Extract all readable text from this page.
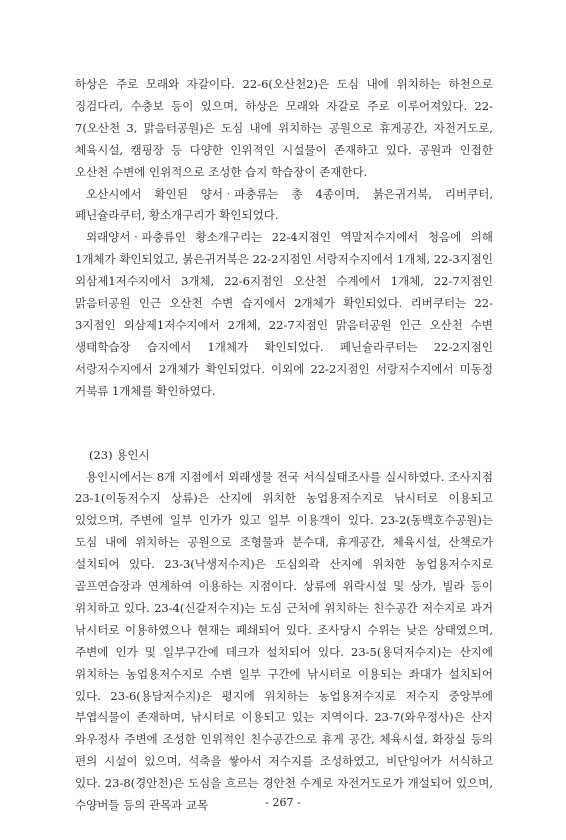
하상은 주로 모래와 자갈이다. 22-6(오산천2)은 도심 내에 위치하는 하천으로 징검다리, 수충보 등이 있으며, 하상은 모래와 자갈로 주로 이루어져있다. 22-7(오산천 3, 맑음터공원)은 도심 내에 위치하는 공원으로 휴게공간, 자전거도로, 체육시설, 캠핑장 등 다양한 인위적인 시설물이 존재하고 있다. 공원과 인접한 오산천 수변에 인위적으로 조성한 습지 학습장이 존재한다.

오산시에서 확인된 양서ᆞ파충류는 총 4종이며, 붉은귀거북, 리버쿠터, 페닌슐라쿠터, 황소개구리가 확인되었다.

외래양서ᆞ파충류인 황소개구리는 22-4지점인 역말저수지에서 청음에 의해 1개체가 확인되었고, 붉은귀거북은 22-2지점인 서랑저수지에서 1개체, 22-3지점인 외삼제1저수지에서 3개체, 22-6지점인 오산천 수계에서 1개체, 22-7지점인 맑음터공원 인근 오산천 수변 습지에서 2개체가 확인되었다. 리버쿠터는 22-3지점인 외삼제1저수지에서 2개체, 22-7지점인 맑음터공원 인근 오산천 수변 생태학습장 습지에서 1개체가 확인되었다. 페닌슐라쿠터는 22-2지점인 서랑저수지에서 2개체가 확인되었다. 이외에 22-2지점인 서랑저수지에서 미동정 거북류 1개체를 확인하였다.

(23) 용인시

용인시에서는 8개 지점에서 외래생물 전국 서식실태조사를 실시하였다. 조사지점 23-1(이동저수지 상류)은 산지에 위치한 농업용저수지로 낚시터로 이용되고 있었으며, 주변에 일부 인가가 있고 일부 이용객이 있다. 23-2(동백호수공원)는 도심 내에 위치하는 공원으로 조형물과 분수대, 휴게공간, 체육시설, 산책로가 설치되어 있다. 23-3(낙생저수지)은 도심외곽 산지에 위치한 농업용저수지로 골프연습장과 연계하여 이용하는 지점이다. 상류에 위락시설 및 상가, 빌라 등이 위치하고 있다. 23-4(신갈저수지)는 도심 근처에 위치하는 친수공간 저수지로 과거 낚시터로 이용하였으나 현재는 폐쇄되어 있다. 조사당시 수위는 낮은 상태였으며, 주변에 인가 및 일부구간에 데크가 설치되어 있다. 23-5(용덕저수지)는 산지에 위치하는 농업용저수지로 수변 일부 구간에 낚시터로 이용되는 좌대가 설치되어 있다. 23-6(용담저수지)은 평지에 위치하는 농업용저수지로 저수지 중앙부에 부엽식물이 존재하며, 낚시터로 이용되고 있는 지역이다. 23-7(와우정사)은 산지 와우정사 주변에 조성한 인위적인 친수공간으로 휴게 공간, 체육시설, 화장실 등의 편의 시설이 있으며, 석축을 쌓아서 저수지를 조성하였고, 비단잉어가 서식하고 있다. 23-8(경안천)은 도심을 흐르는 경안천 수계로 자전거도로가 개설되어 있으며, 수양버들 등의 관목과 교목	- 267 -
